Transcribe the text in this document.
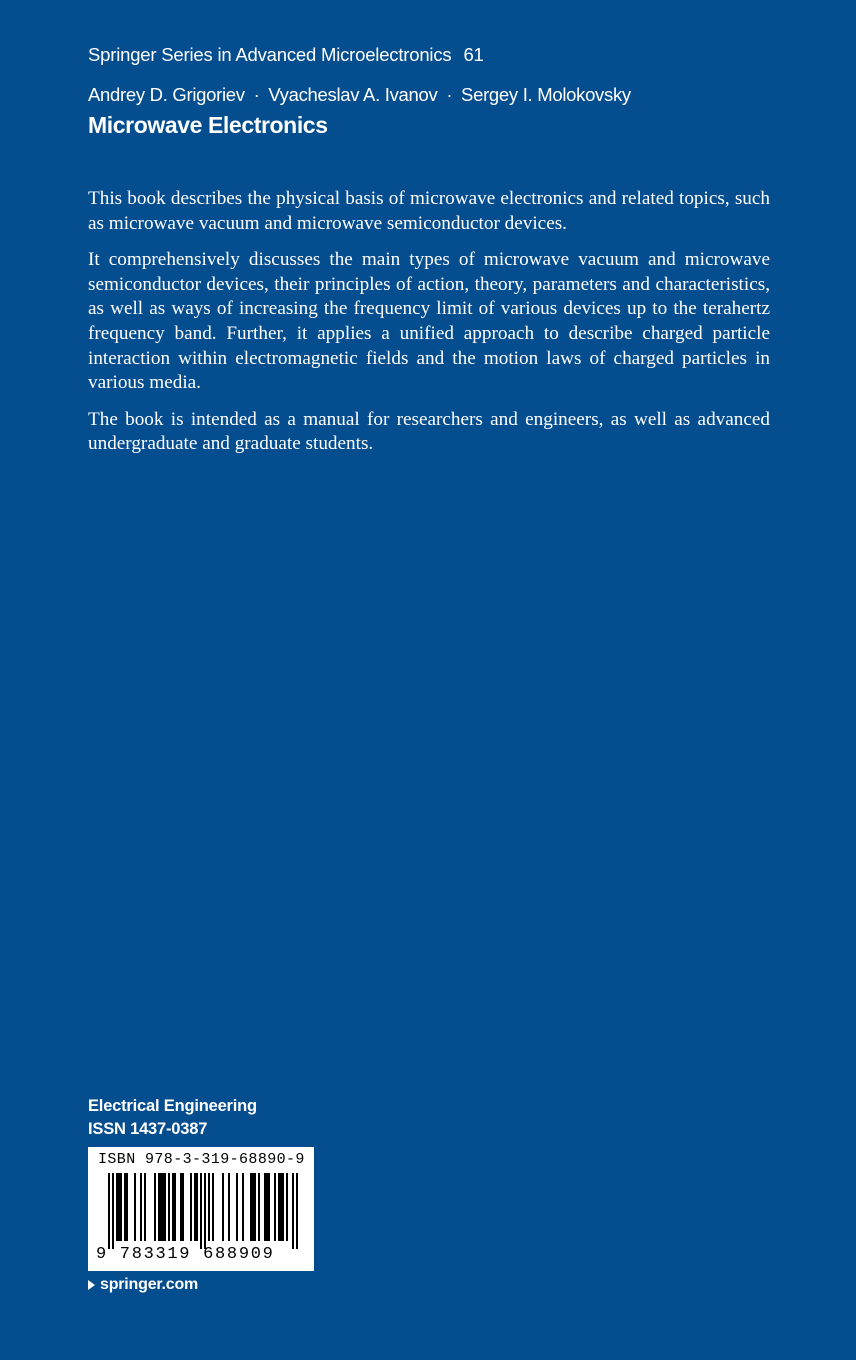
Springer Series in Advanced Microelectronics 61
Andrey D. Grigoriev · Vyacheslav A. Ivanov · Sergey I. Molokovsky
Microwave Electronics

This book describes the physical basis of microwave electronics and related topics, such as microwave vacuum and microwave semiconductor devices.

It comprehensively discusses the main types of microwave vacuum and microwave semiconductor devices, their principles of action, theory, parameters and characteristics, as well as ways of increasing the frequency limit of various devices up to the terahertz frequency band. Further, it applies a unified approach to describe charged particle interaction within electromagnetic fields and the motion laws of charged particles in various media.

The book is intended as a manual for researchers and engineers, as well as advanced undergraduate and graduate students.

Electrical Engineering
ISSN 1437-0387
ISBN 978-3-319-68890-9
9 783319 688909
springer.com
